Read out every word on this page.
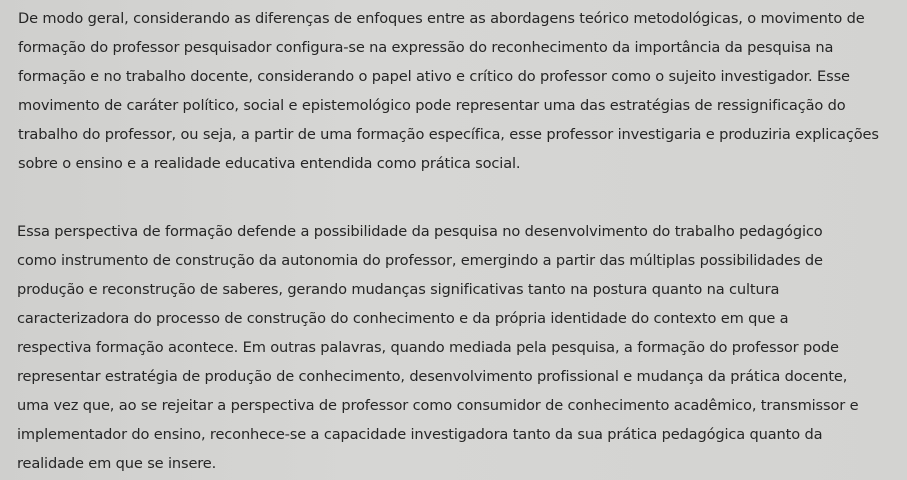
De modo geral, considerando as diferenças de enfoques entre as abordagens teórico metodológicas, o movimento de
formação do professor pesquisador configura-se na expressão do reconhecimento da importância da pesquisa na
formação e no trabalho docente, considerando o papel ativo e crítico do professor como o sujeito investigador. Esse
movimento de caráter político, social e epistemológico pode representar uma das estratégias de ressignificação do
trabalho do professor, ou seja, a partir de uma formação específica, esse professor investigaria e produziria explicações
sobre o ensino e a realidade educativa entendida como prática social.

Essa perspectiva de formação defende a possibilidade da pesquisa no desenvolvimento do trabalho pedagógico
como instrumento de construção da autonomia do professor, emergindo a partir das múltiplas possibilidades de
produção e reconstrução de saberes, gerando mudanças significativas tanto na postura quanto na cultura
caracterizadora do processo de construção do conhecimento e da própria identidade do contexto em que a
respectiva formação acontece. Em outras palavras, quando mediada pela pesquisa, a formação do professor pode
representar estratégia de produção de conhecimento, desenvolvimento profissional e mudança da prática docente,
uma vez que, ao se rejeitar a perspectiva de professor como consumidor de conhecimento acadêmico, transmissor e
implementador do ensino, reconhece-se a capacidade investigadora tanto da sua prática pedagógica quanto da
realidade em que se insere.
